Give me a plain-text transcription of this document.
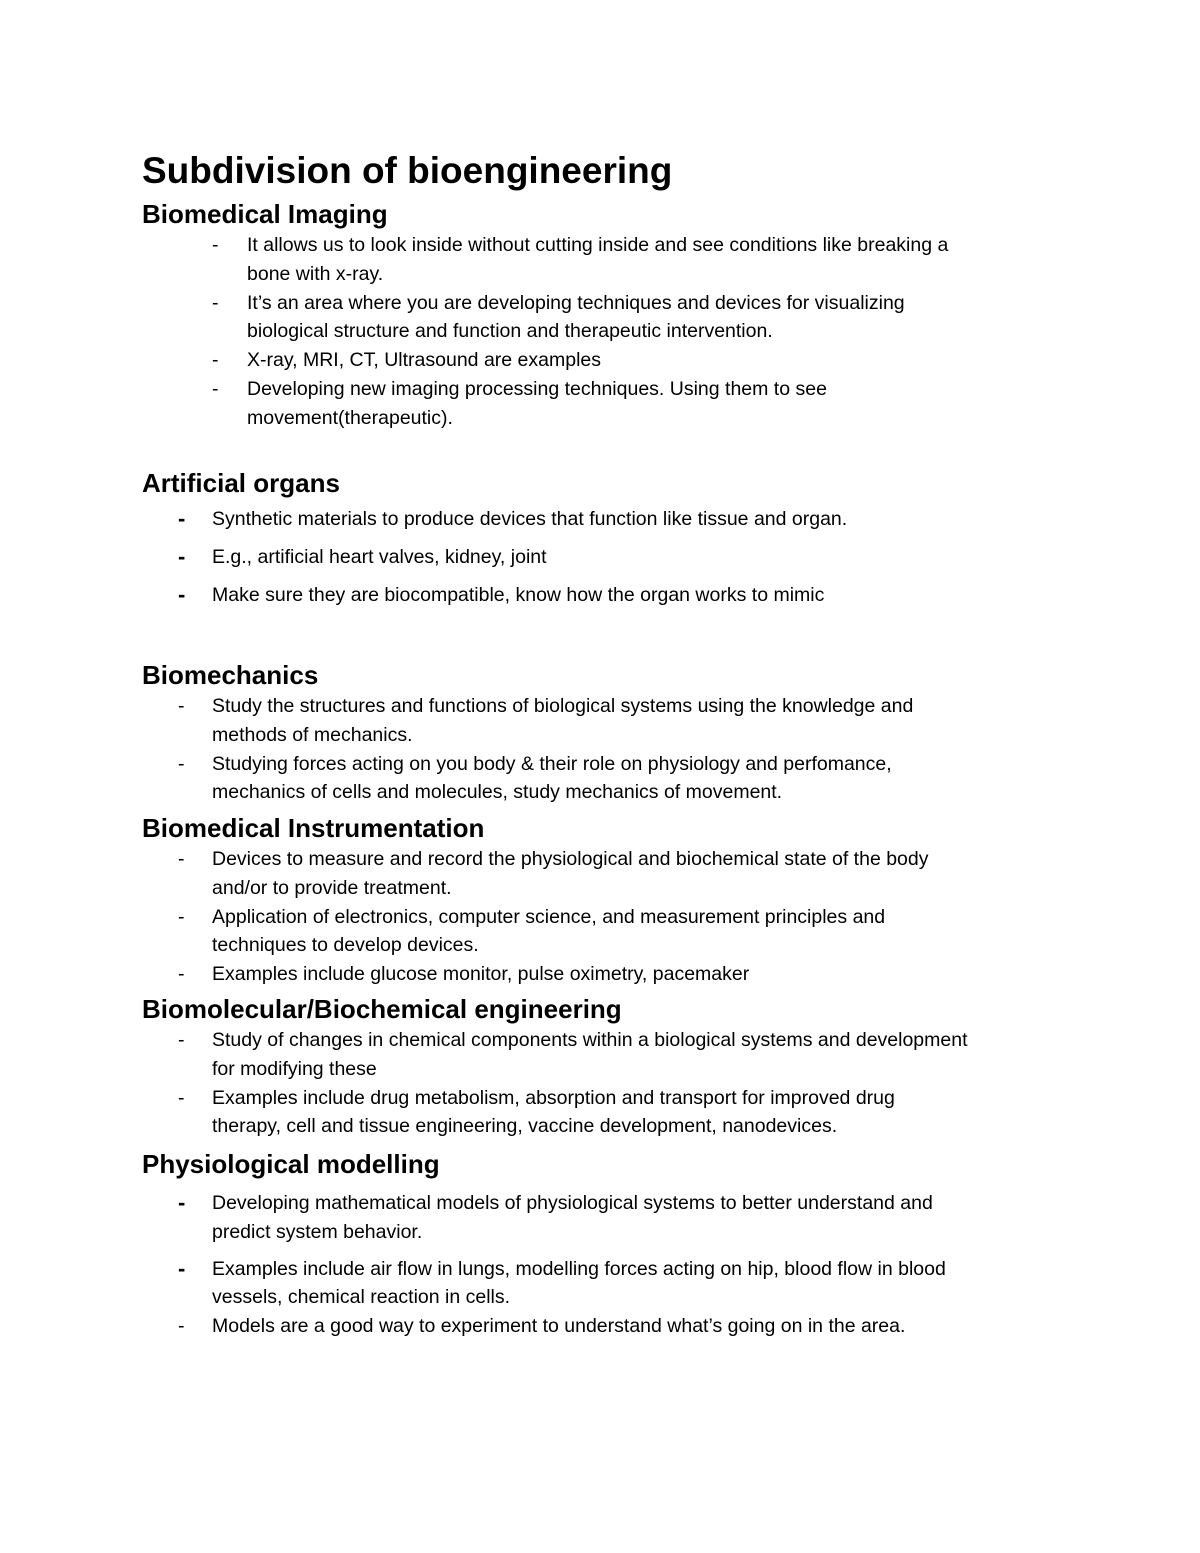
Subdivision of bioengineering
Biomedical Imaging
- It allows us to look inside without cutting inside and see conditions like breaking a
bone with x-ray.
- It’s an area where you are developing techniques and devices for visualizing
biological structure and function and therapeutic intervention.
- X-ray, MRI, CT, Ultrasound are examples
- Developing new imaging processing techniques. Using them to see
movement(therapeutic).
Artificial organs
- Synthetic materials to produce devices that function like tissue and organ.
- E.g., artificial heart valves, kidney, joint
- Make sure they are biocompatible, know how the organ works to mimic
Biomechanics
- Study the structures and functions of biological systems using the knowledge and
methods of mechanics.
- Studying forces acting on you body & their role on physiology and perfomance,
mechanics of cells and molecules, study mechanics of movement.
Biomedical Instrumentation
- Devices to measure and record the physiological and biochemical state of the body
and/or to provide treatment.
- Application of electronics, computer science, and measurement principles and
techniques to develop devices.
- Examples include glucose monitor, pulse oximetry, pacemaker
Biomolecular/Biochemical engineering
- Study of changes in chemical components within a biological systems and development
for modifying these
- Examples include drug metabolism, absorption and transport for improved drug
therapy, cell and tissue engineering, vaccine development, nanodevices.
Physiological modelling
- Developing mathematical models of physiological systems to better understand and
predict system behavior.
- Examples include air flow in lungs, modelling forces acting on hip, blood flow in blood
vessels, chemical reaction in cells.
- Models are a good way to experiment to understand what’s going on in the area.
